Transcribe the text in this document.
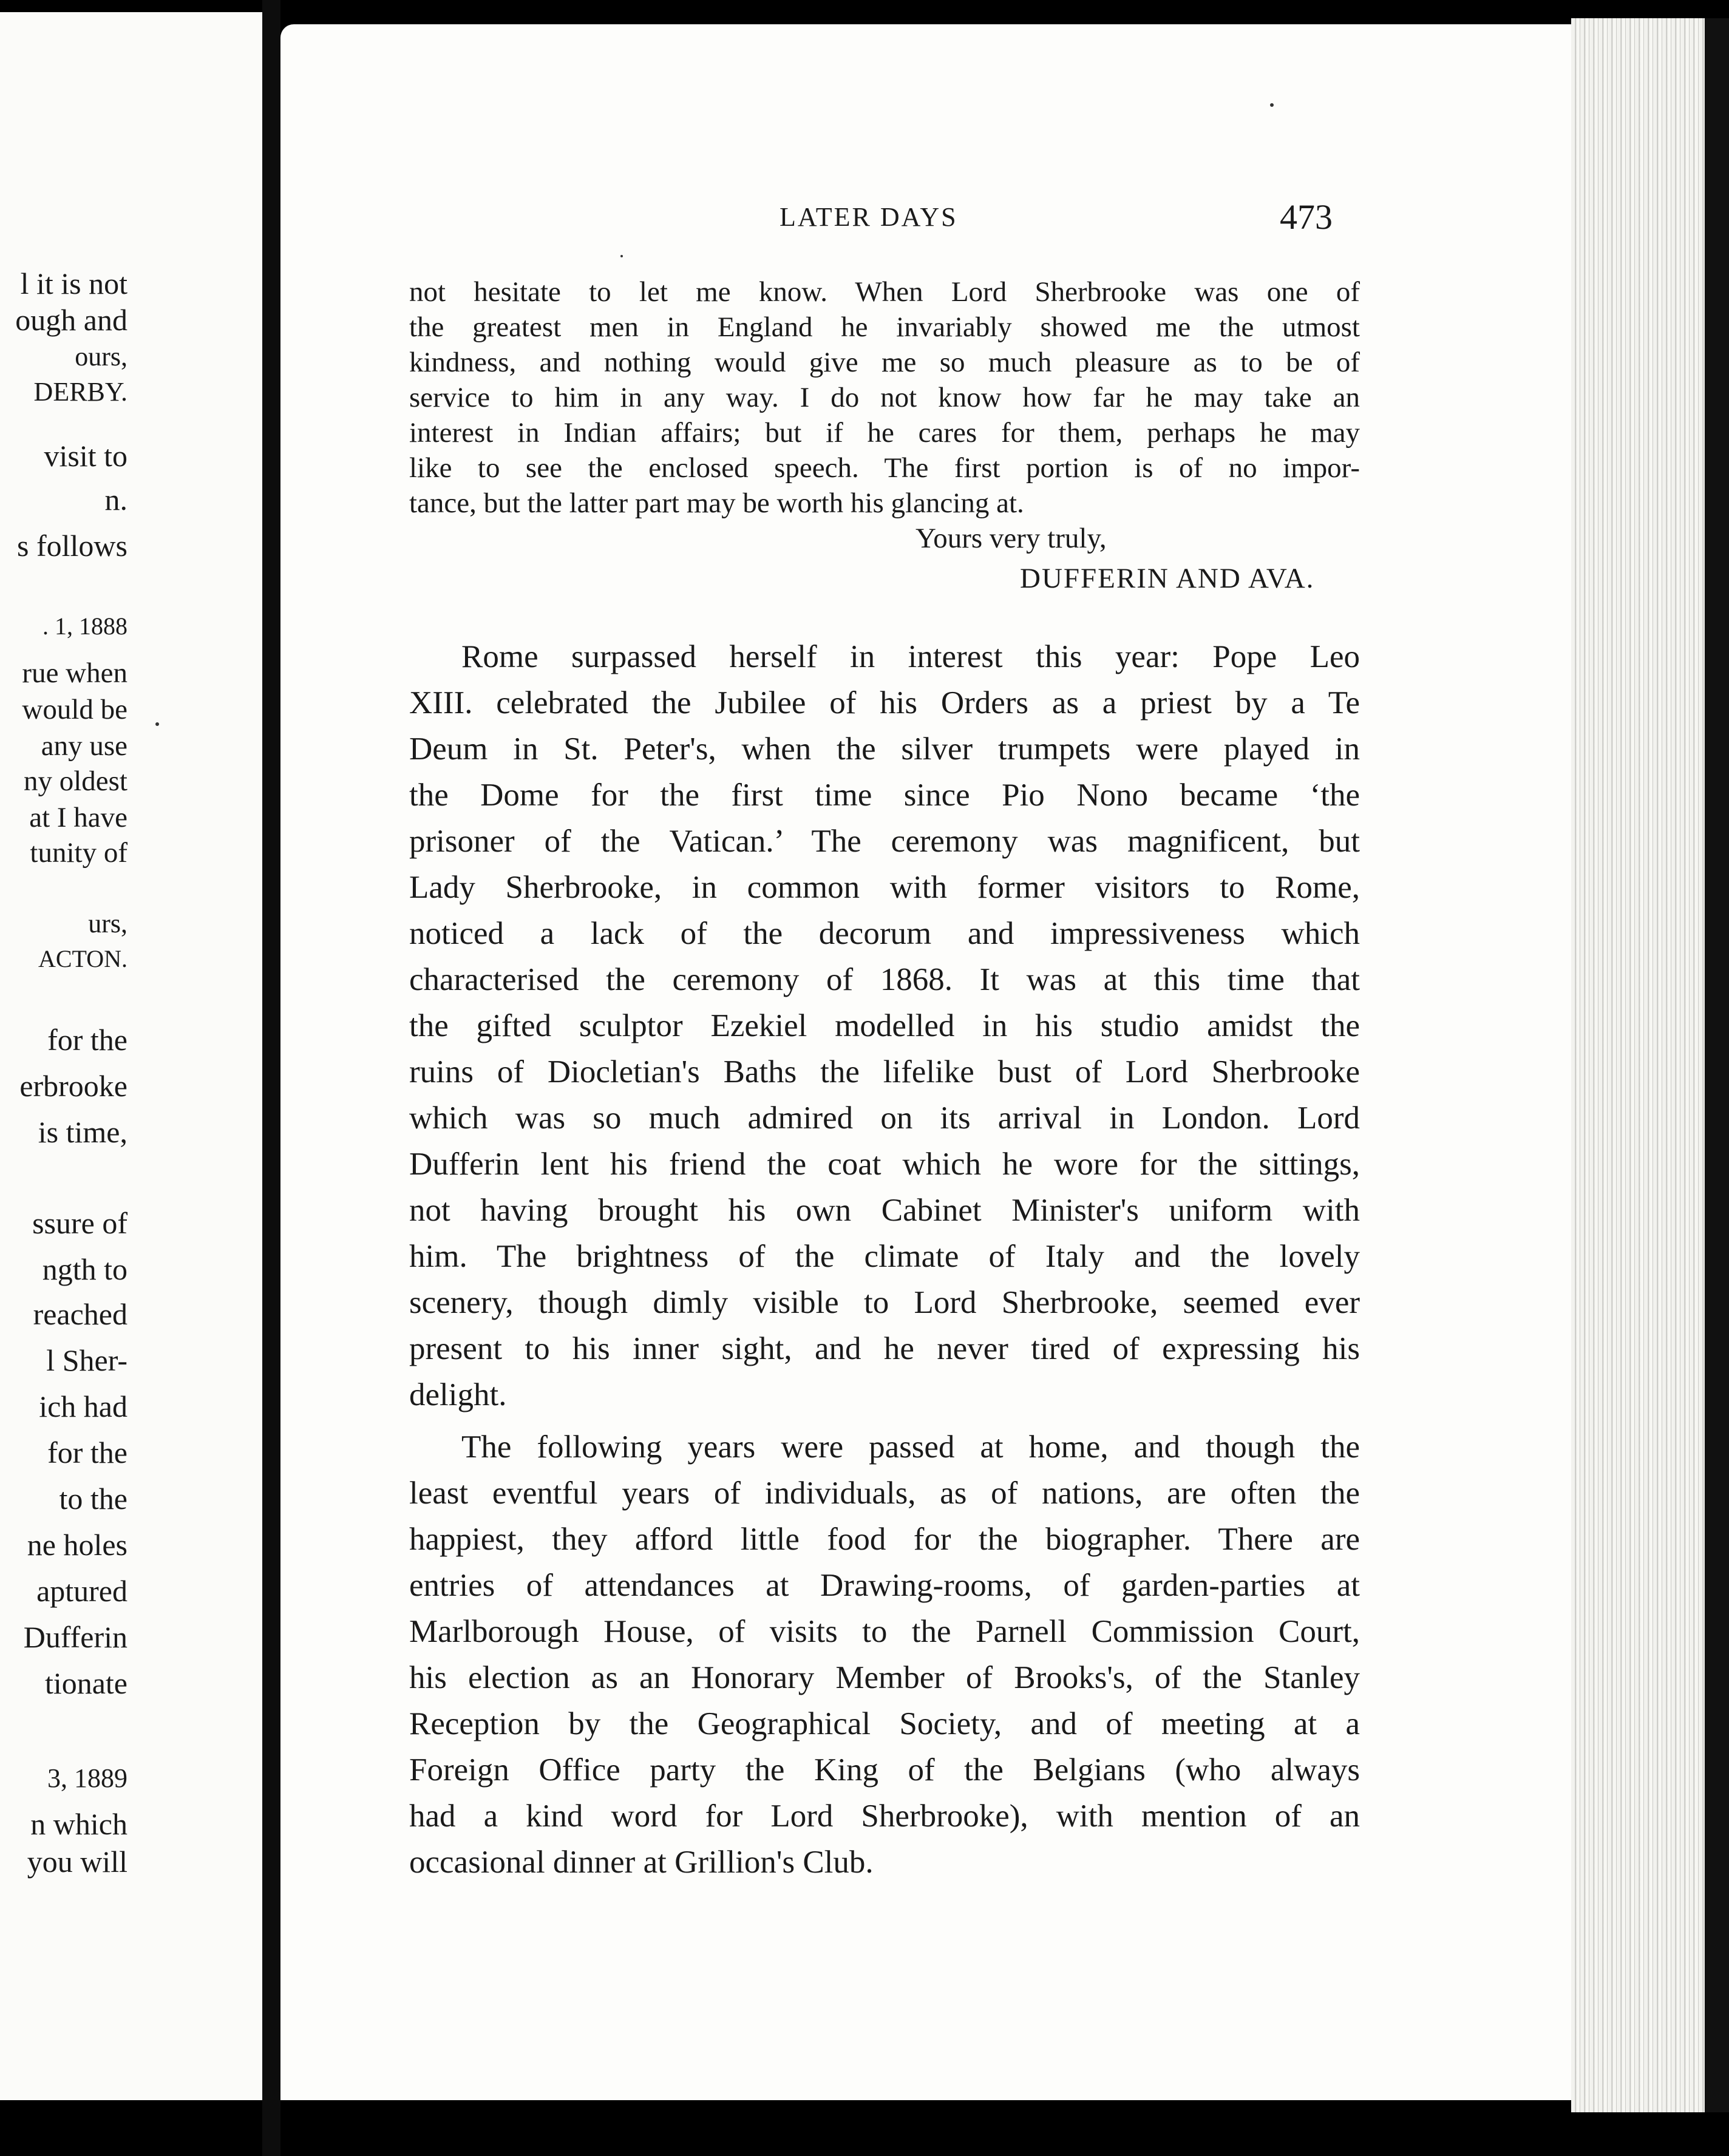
l it is not
ough and
ours,
DERBY.
visit to
n.
s follows
. 1, 1888
rue when
would be
any use
ny oldest
at I have
tunity of
urs,
ACTON.
for the
erbrooke
is time,
ssure of
ngth to
reached
l Sher-
ich had
for the
to the
ne holes
aptured
Dufferin
tionate
3, 1889
n which
you will
LATER DAYS	473
not hesitate to let me know. When Lord Sherbrooke was one of
the greatest men in England he invariably showed me the utmost
kindness, and nothing would give me so much pleasure as to be of
service to him in any way. I do not know how far he may take an
interest in Indian affairs; but if he cares for them, perhaps he may
like to see the enclosed speech. The first portion is of no impor-
tance, but the latter part may be worth his glancing at.
Yours very truly,
DUFFERIN AND AVA.
Rome surpassed herself in interest this year: Pope Leo
XIII. celebrated the Jubilee of his Orders as a priest by a Te
Deum in St. Peter's, when the silver trumpets were played in
the Dome for the first time since Pio Nono became ‘the
prisoner of the Vatican.’ The ceremony was magnificent, but
Lady Sherbrooke, in common with former visitors to Rome,
noticed a lack of the decorum and impressiveness which
characterised the ceremony of 1868. It was at this time that
the gifted sculptor Ezekiel modelled in his studio amidst the
ruins of Diocletian's Baths the lifelike bust of Lord Sherbrooke
which was so much admired on its arrival in London. Lord
Dufferin lent his friend the coat which he wore for the sittings,
not having brought his own Cabinet Minister's uniform with
him. The brightness of the climate of Italy and the lovely
scenery, though dimly visible to Lord Sherbrooke, seemed ever
present to his inner sight, and he never tired of expressing his
delight.
The following years were passed at home, and though the
least eventful years of individuals, as of nations, are often the
happiest, they afford little food for the biographer. There are
entries of attendances at Drawing-rooms, of garden-parties at
Marlborough House, of visits to the Parnell Commission Court,
his election as an Honorary Member of Brooks's, of the Stanley
Reception by the Geographical Society, and of meeting at a
Foreign Office party the King of the Belgians (who always
had a kind word for Lord Sherbrooke), with mention of an
occasional dinner at Grillion's Club.
